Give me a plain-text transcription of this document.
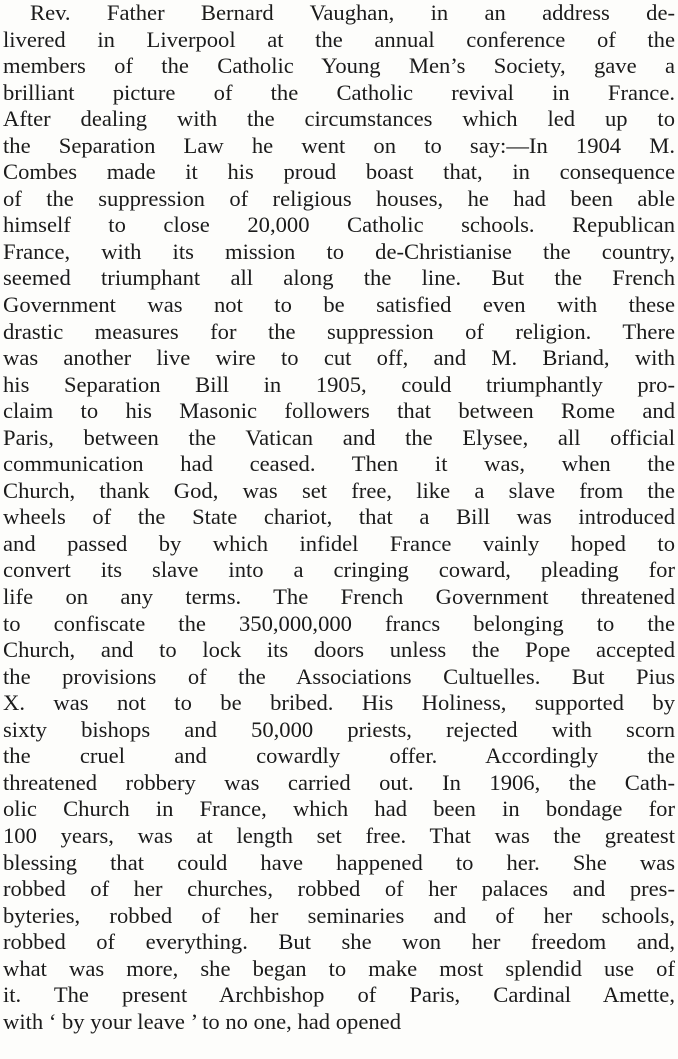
Rev. Father Bernard Vaughan, in an address de-
livered in Liverpool at the annual conference of the
members of the Catholic Young Men’s Society, gave a
brilliant picture of the Catholic revival in France.
After dealing with the circumstances which led up to
the Separation Law he went on to say:—In 1904 M.
Combes made it his proud boast that, in consequence
of the suppression of religious houses, he had been able
himself to close 20,000 Catholic schools. Republican
France, with its mission to de-Christianise the country,
seemed triumphant all along the line. But the French
Government was not to be satisfied even with these
drastic measures for the suppression of religion. There
was another live wire to cut off, and M. Briand, with
his Separation Bill in 1905, could triumphantly pro-
claim to his Masonic followers that between Rome and
Paris, between the Vatican and the Elysee, all official
communication had ceased. Then it was, when the
Church, thank God, was set free, like a slave from the
wheels of the State chariot, that a Bill was introduced
and passed by which infidel France vainly hoped to
convert its slave into a cringing coward, pleading for
life on any terms. The French Government threatened
to confiscate the 350,000,000 francs belonging to the
Church, and to lock its doors unless the Pope accepted
the provisions of the Associations Cultuelles. But Pius
X. was not to be bribed. His Holiness, supported by
sixty bishops and 50,000 priests, rejected with scorn
the cruel and cowardly offer. Accordingly the
threatened robbery was carried out. In 1906, the Cath-
olic Church in France, which had been in bondage for
100 years, was at length set free. That was the greatest
blessing that could have happened to her. She was
robbed of her churches, robbed of her palaces and pres-
byteries, robbed of her seminaries and of her schools,
robbed of everything. But she won her freedom and,
what was more, she began to make most splendid use of
it. The present Archbishop of Paris, Cardinal Amette,
with ‘ by your leave ’ to no one, had opened
